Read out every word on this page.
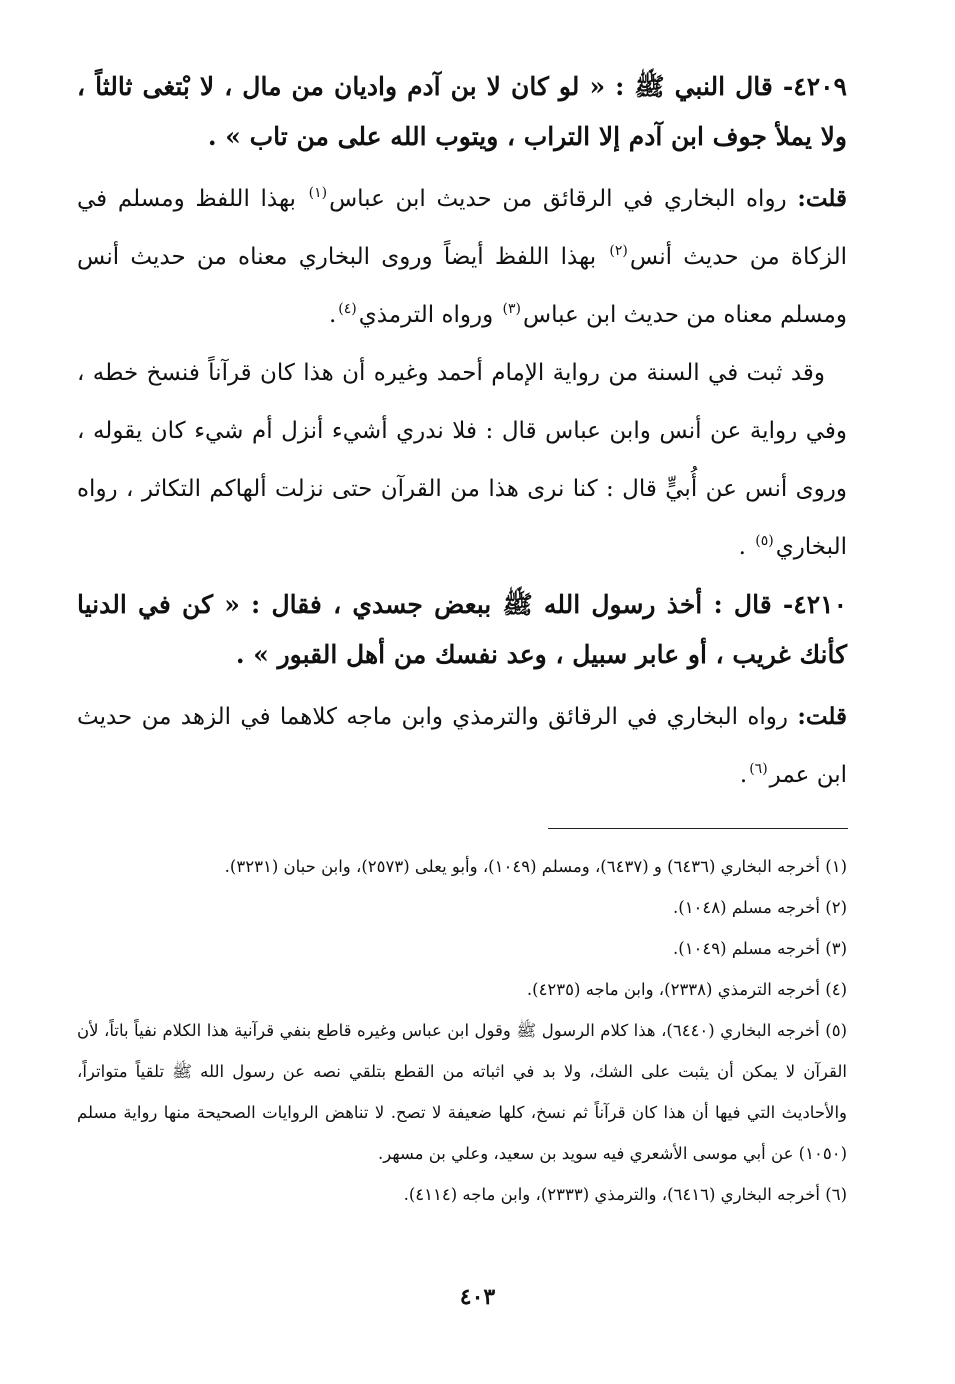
٤٢٠٩- قال النبي ﷺ : « لو كان لا بن آدم واديان من مال ، لا بْتغى ثالثاً ، ولا يملأ جوف ابن آدم إلا التراب ، ويتوب الله على من تاب » .

قلت: رواه البخاري في الرقائق من حديث ابن عباس$^{(١)}$ بهذا اللفظ ومسلم في الزكاة من حديث أنس$^{(٢)}$ بهذا اللفظ أيضاً وروى البخاري معناه من حديث أنس ومسلم معناه من حديث ابن عباس$^{(٣)}$ ورواه الترمذي$^{(٤)}$.

وقد ثبت في السنة من رواية الإمام أحمد وغيره أن هذا كان قرآناً فنسخ خطه ، وفي رواية عن أنس وابن عباس قال : فلا ندري أشيء أنزل أم شيء كان يقوله ، وروى أنس عن أُبيٍّ قال : كنا نرى هذا من القرآن حتى نزلت ألهاكم التكاثر ، رواه البخاري$^{(٥)}$ .

٤٢١٠- قال : أخذ رسول الله ﷺ ببعض جسدي ، فقال : « كن في الدنيا كأنك غريب ، أو عابر سبيل ، وعد نفسك من أهل القبور » .

قلت: رواه البخاري في الرقائق والترمذي وابن ماجه كلاهما في الزهد من حديث ابن عمر$^{(٦)}$.

(١) أخرجه البخاري (٦٤٣٦) و (٦٤٣٧)، ومسلم (١٠٤٩)، وأبو يعلى (٢٥٧٣)، وابن حبان (٣٢٣١).

(٢) أخرجه مسلم (١٠٤٨).

(٣) أخرجه مسلم (١٠٤٩).

(٤) أخرجه الترمذي (٢٣٣٨)، وابن ماجه (٤٢٣٥).

(٥) أخرجه البخاري (٦٤٤٠)، هذا كلام الرسول ﷺ وقول ابن عباس وغيره قاطع بنفي قرآنية هذا الكلام نفياً باتاً، لأن القرآن لا يمكن أن يثبت على الشك، ولا بد في اثباته من القطع بتلقي نصه عن رسول الله ﷺ تلقياً متواتراً، والأحاديث التي فيها أن هذا كان قرآناً ثم نسخ، كلها ضعيفة لا تصح. لا تناهض الروايات الصحيحة منها رواية مسلم (١٠٥٠) عن أبي موسى الأشعري فيه سويد بن سعيد، وعلي بن مسهر.

(٦) أخرجه البخاري (٦٤١٦)، والترمذي (٢٣٣٣)، وابن ماجه (٤١١٤).

٤٠٣
